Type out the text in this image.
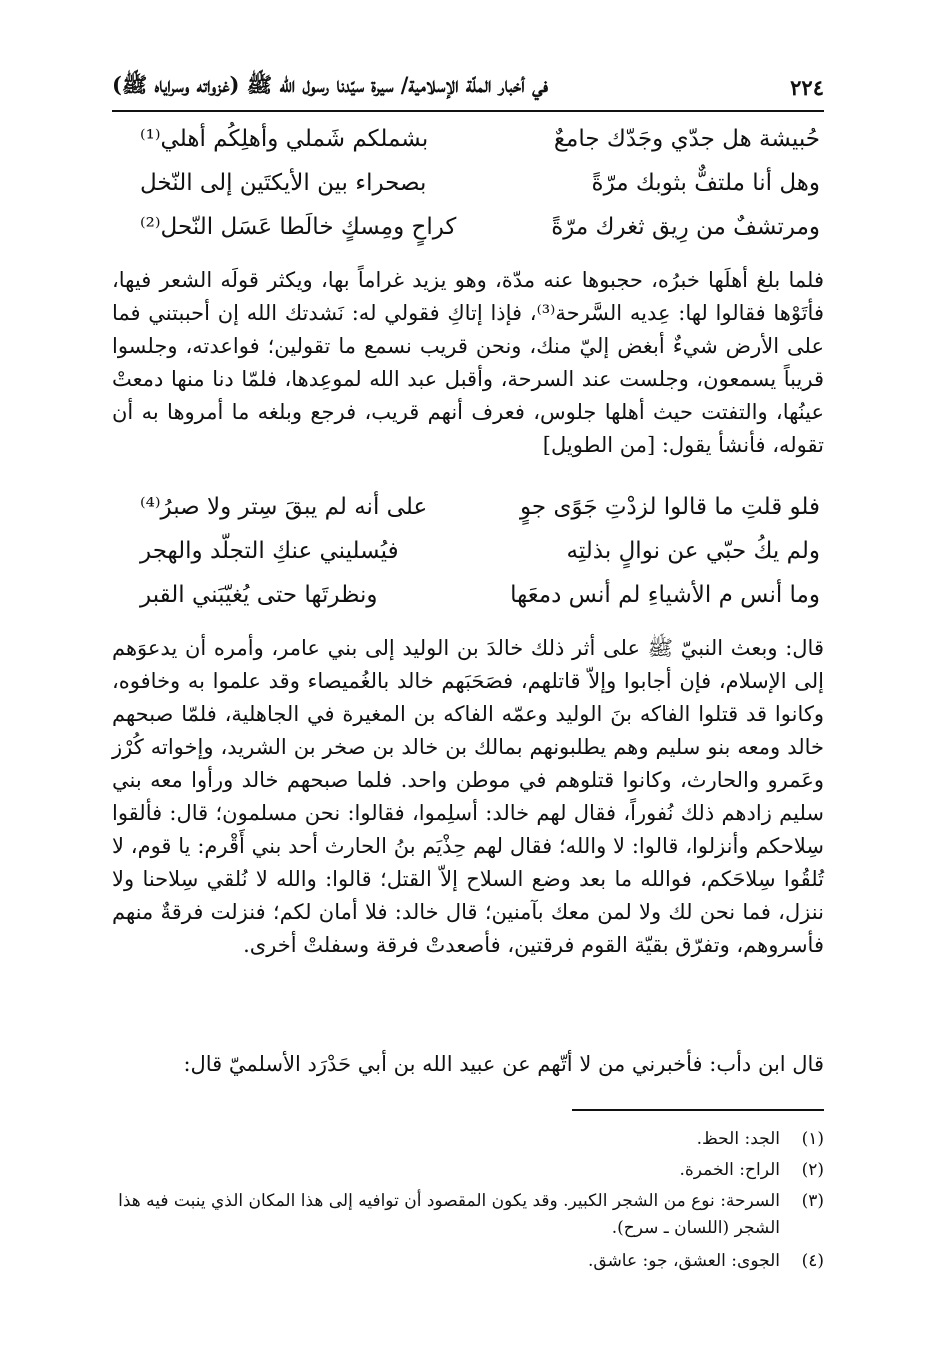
٢٢٤
في أخبار الملّة الإسلامية/ سيرة سيّدنا رسول الله ﷺ (غزواته وسراياه ﷺ)
حُبيشة هل جدّي وجَدّك جامعٌ
بشملكم شَملي وأهلِكُم أهلي⁽¹⁾
وهل أنا ملتفٌّ بثوبك مرّةً
بصحراء بين الأيكتَين إلى النّخل
ومرتشفٌ من رِيق ثغرك مرّةً
كراحٍ ومِسكٍ خالَطا عَسَل النّحل⁽²⁾

فلما بلغ أهلَها خبرُه، حجبوها عنه مدّة، وهو يزيد غراماً بها، ويكثر قولَه الشعر فيها، فأتَوْها فقالوا لها: عِديه السَّرحة⁽³⁾، فإذا إتاكِ فقولي له: نَشدتك الله إن أحببتني فما على الأرض شيءٌ أبغض إليّ منك، ونحن قريب نسمع ما تقولين؛ فواعدته، وجلسوا قريباً يسمعون، وجلست عند السرحة، وأقبل عبد الله لموعِدها، فلمّا دنا منها دمعتْ عينُها، والتفتت حيث أهلها جلوس، فعرف أنهم قريب، فرجع وبلغه ما أمروها به أن تقوله، فأنشأ يقول: [من الطويل]

فلو قلتِ ما قالوا لزدْتِ جَوًى جوٍ
على أنه لم يبقَ سِتر ولا صبرُ⁽⁴⁾
ولم يكُ حبّي عن نوالٍ بذلتِه
فيُسليني عنكِ التجلّد والهجر
وما أنس م الأشياءِ لم أنس دمعَها
ونظرتَها حتى يُغيّبَني القبر

قال: وبعث النبيّ ﷺ على أثر ذلك خالدَ بن الوليد إلى بني عامر، وأمره أن يدعوَهم إلى الإسلام، فإن أجابوا وإلاّ قاتلهم، فصَحَبَهم خالد بالغُميصاء وقد علموا به وخافوه، وكانوا قد قتلوا الفاكه بنَ الوليد وعمّه الفاكه بن المغيرة في الجاهلية، فلمّا صبحهم خالد ومعه بنو سليم وهم يطلبونهم بمالك بن خالد بن صخر بن الشريد، وإخواته كُرْز وعَمرو والحارث، وكانوا قتلوهم في موطن واحد. فلما صبحهم خالد ورأوا معه بني سليم زادهم ذلك نُفوراً، فقال لهم خالد: أسلِموا، فقالوا: نحن مسلمون؛ قال: فألقوا سِلاحكم وأنزلوا، قالوا: لا والله؛ فقال لهم حِذْيَم بنُ الحارث أحد بني أَقْرم: يا قوم، لا تُلقُوا سِلاحَكم، فوالله ما بعد وضع السلاح إلاّ القتل؛ قالوا: والله لا نُلقي سِلاحنا ولا ننزل، فما نحن لك ولا لمن معك بآمنين؛ قال خالد: فلا أمان لكم؛ فنزلت فرقةٌ منهم فأسروهم، وتفرّق بقيّة القوم فرقتين، فأصعدتْ فرقة وسفلتْ أخرى.

قال ابن دأب: فأخبرني من لا أتّهم عن عبيد الله بن أبي حَدْرَد الأسلميّ قال:

(١)
الجد: الحظ.
(٢)
الراح: الخمرة.
(٣)
السرحة: نوع من الشجر الكبير. وقد يكون المقصود أن توافيه إلى هذا المكان الذي ينبت فيه هذا الشجر (اللسان ـ سرح).
(٤)
الجوى: العشق، جو: عاشق.
